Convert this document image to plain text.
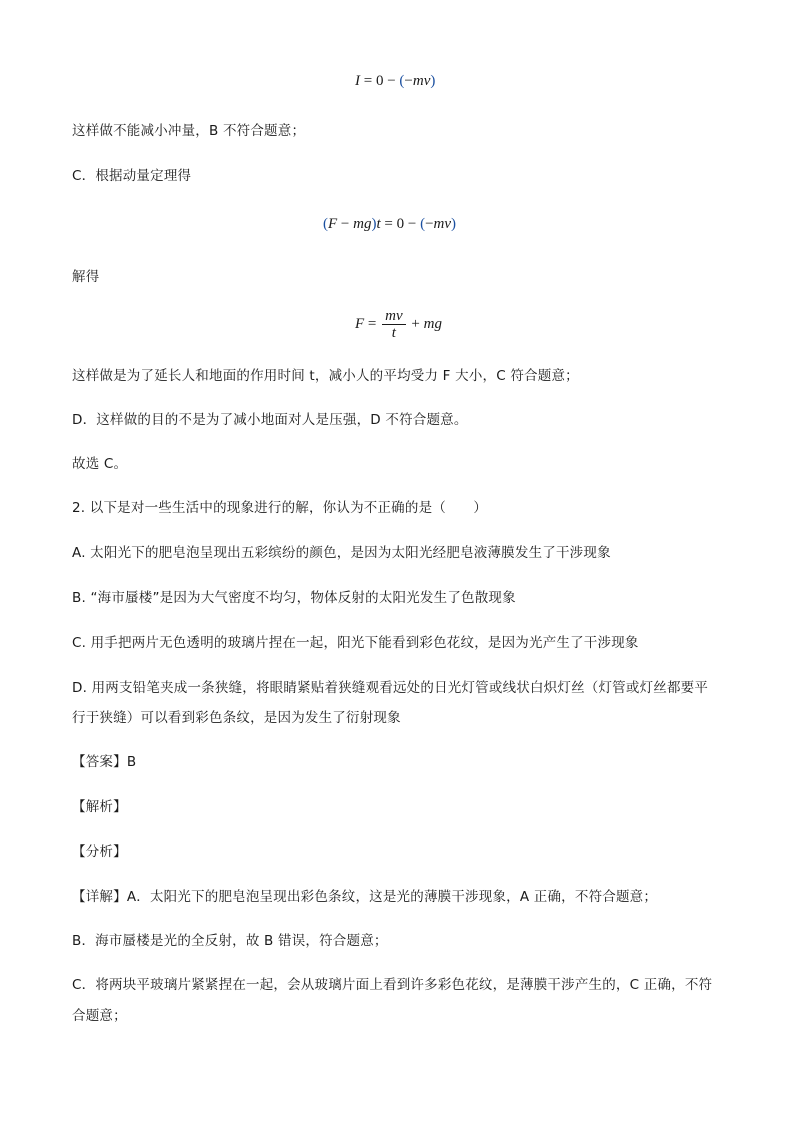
I = 0 − (−mv)
这样做不能减小冲量，B 不符合题意；
C．根据动量定理得
(F − mg)t = 0 − (−mv)
解得
$F = \frac{mv}{t}$ + mg
这样做是为了延长人和地面的作用时间 t，减小人的平均受力 F 大小，C 符合题意；
D．这样做的目的不是为了减小地面对人是压强，D 不符合题意。
故选 C。
2. 以下是对一些生活中的现象进行的解，你认为不正确的是（　　）
A. 太阳光下的肥皂泡呈现出五彩缤纷的颜色，是因为太阳光经肥皂液薄膜发生了干涉现象
B. “海市蜃楼”是因为大气密度不均匀，物体反射的太阳光发生了色散现象
C. 用手把两片无色透明的玻璃片捏在一起，阳光下能看到彩色花纹，是因为光产生了干涉现象
D. 用两支铅笔夹成一条狭缝，将眼睛紧贴着狭缝观看远处的日光灯管或线状白炽灯丝（灯管或灯丝都要平
行于狭缝）可以看到彩色条纹，是因为发生了衍射现象
【答案】B
【解析】
【分析】
【详解】A．太阳光下的肥皂泡呈现出彩色条纹，这是光的薄膜干涉现象，A 正确，不符合题意；
B．海市蜃楼是光的全反射，故 B 错误，符合题意；
C．将两块平玻璃片紧紧捏在一起，会从玻璃片面上看到许多彩色花纹，是薄膜干涉产生的，C 正确，不符
合题意；
